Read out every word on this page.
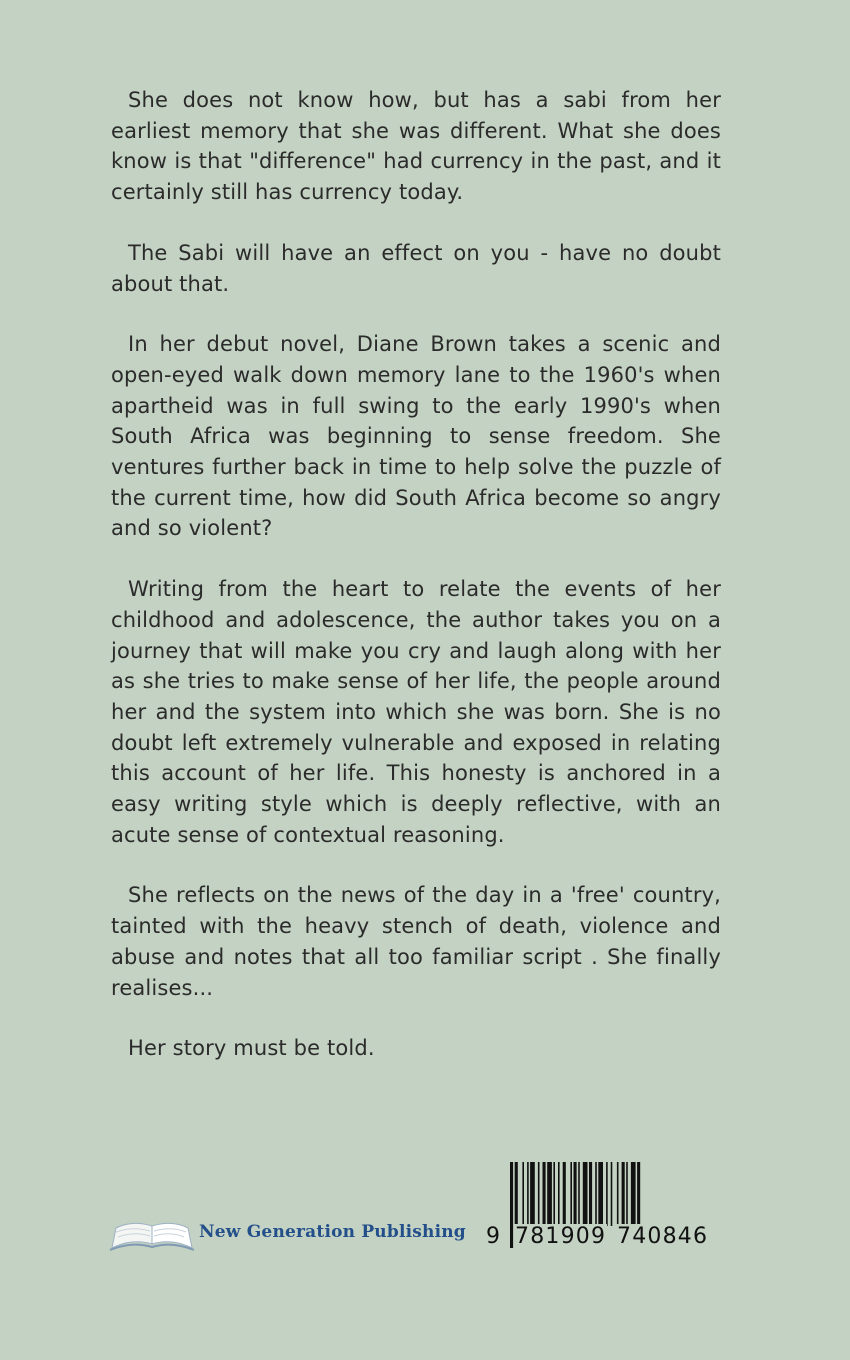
She does not know how, but has a sabi from her earliest memory that she was different. What she does know is that "difference" had currency in the past, and it certainly still has currency today.

The Sabi will have an effect on you - have no doubt about that.

In her debut novel, Diane Brown takes a scenic and open-eyed walk down memory lane to the 1960's when apartheid was in full swing to the early 1990's when South Africa was beginning to sense freedom. She ventures further back in time to help solve the puzzle of the current time, how did South Africa become so angry and so violent?

Writing from the heart to relate the events of her childhood and adolescence, the author takes you on a journey that will make you cry and laugh along with her as she tries to make sense of her life, the people around her and the system into which she was born. She is no doubt left extremely vulnerable and exposed in relating this account of her life. This honesty is anchored in a easy writing style which is deeply reflective, with an acute sense of contextual reasoning.

She reflects on the news of the day in a 'free' country, tainted with the heavy stench of death, violence and abuse and notes that all too familiar script . She finally realises...

Her story must be told.

New Generation Publishing 9 781909 740846
